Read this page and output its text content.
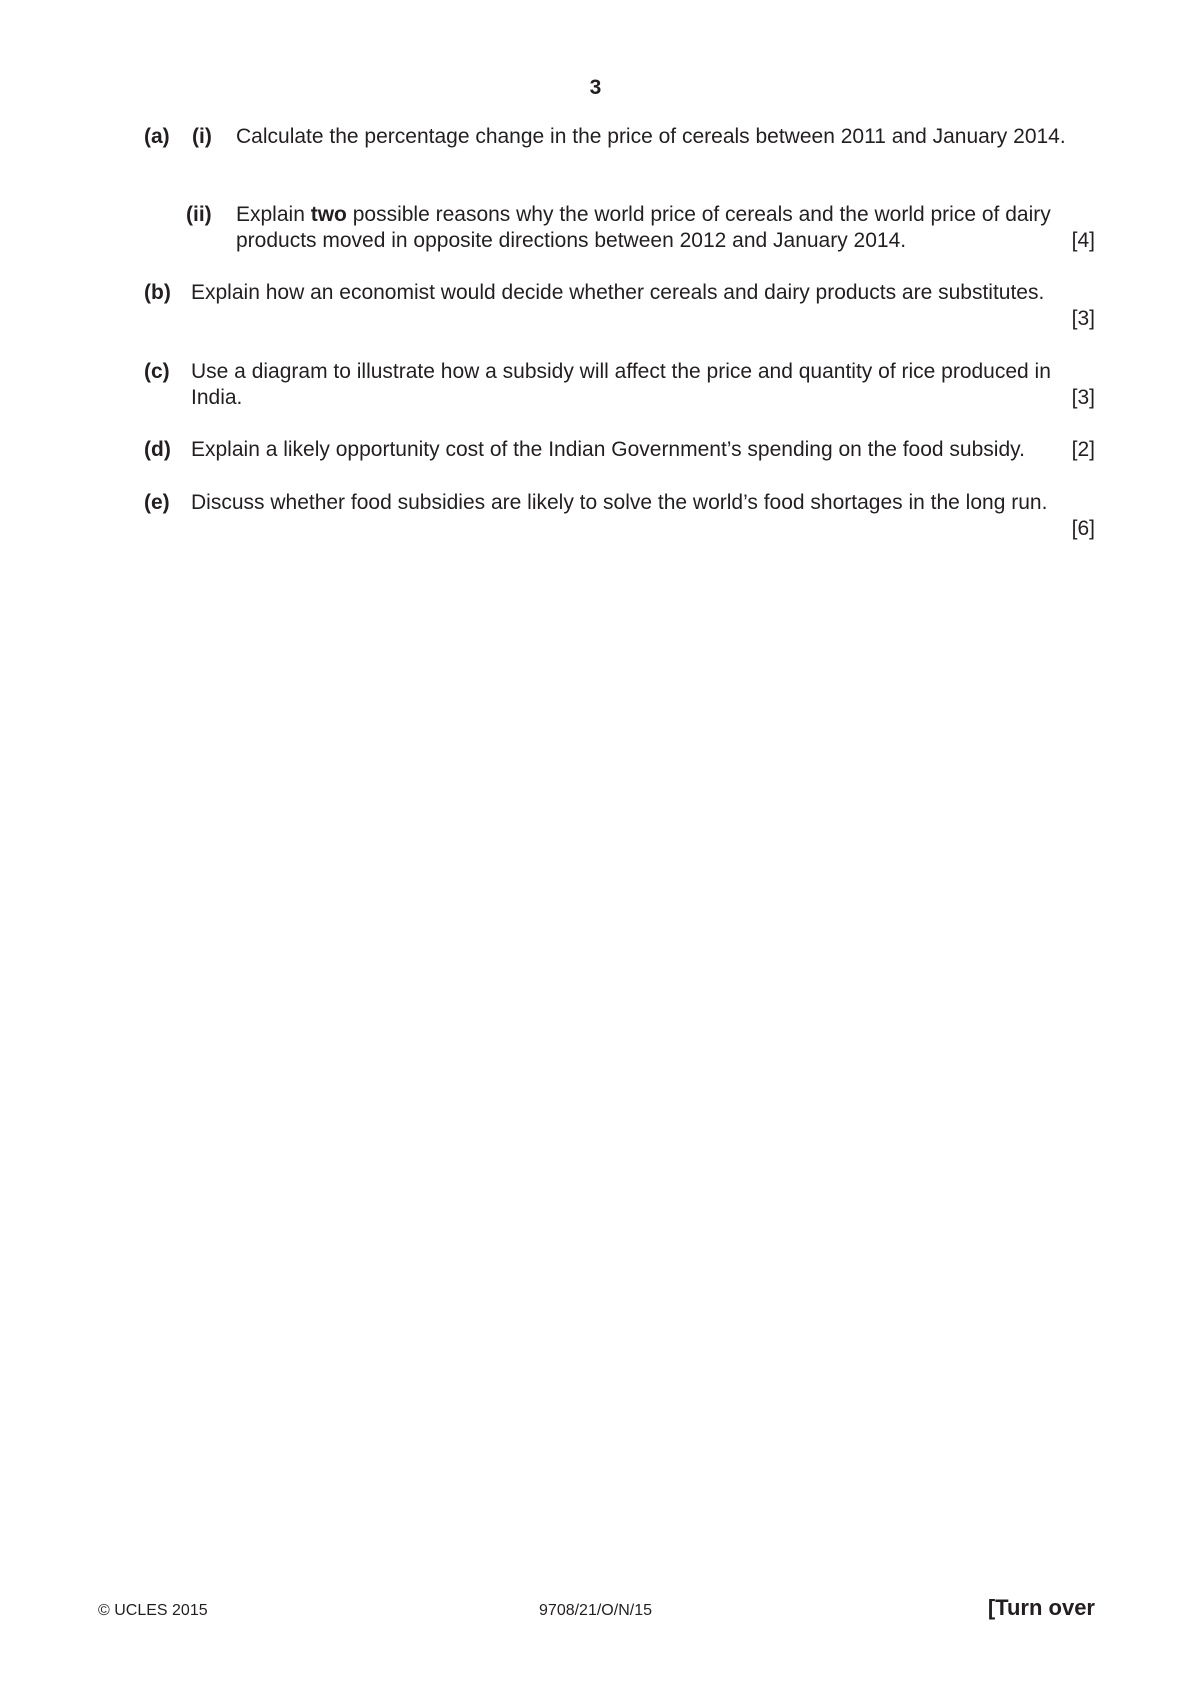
3
(a) (i) Calculate the percentage change in the price of cereals between 2011 and January 2014.
(ii) Explain two possible reasons why the world price of cereals and the world price of dairy
products moved in opposite directions between 2012 and January 2014.	[4]
(b) Explain how an economist would decide whether cereals and dairy products are substitutes.
[3]
(c) Use a diagram to illustrate how a subsidy will affect the price and quantity of rice produced in
India.	[3]
(d) Explain a likely opportunity cost of the Indian Government’s spending on the food subsidy. [2]
(e) Discuss whether food subsidies are likely to solve the world’s food shortages in the long run.
[6]
© UCLES 2015	9708/21/O/N/15	[Turn over
